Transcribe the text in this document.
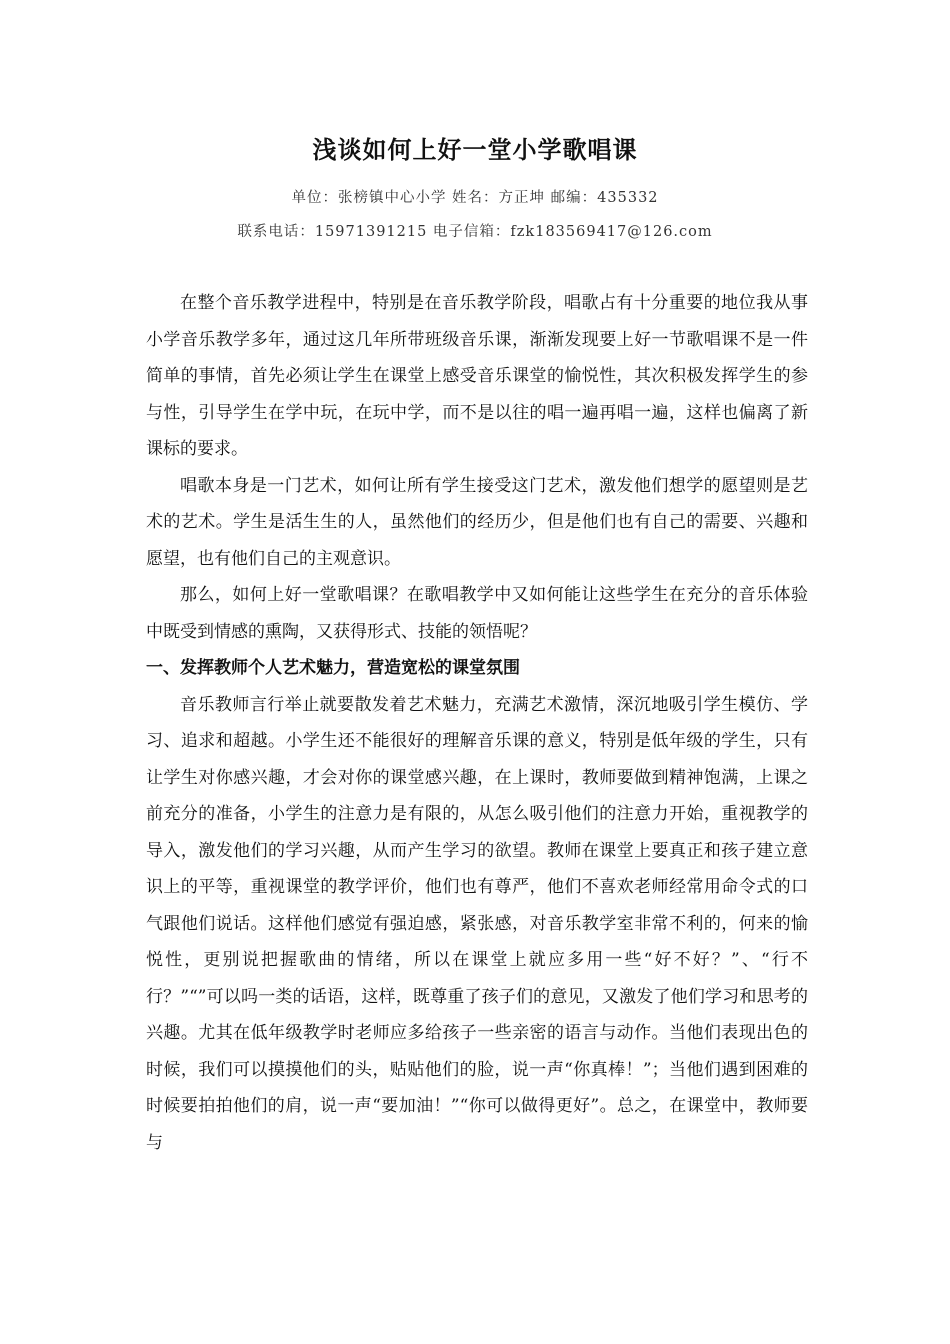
浅谈如何上好一堂小学歌唱课

单位：张榜镇中心小学 姓名：方正坤 邮编：435332

联系电话：15971391215 电子信箱：fzk183569417@126.com

在整个音乐教学进程中，特别是在音乐教学阶段，唱歌占有十分重要的地位我从事小学音乐教学多年，通过这几年所带班级音乐课，渐渐发现要上好一节歌唱课不是一件简单的事情，首先必须让学生在课堂上感受音乐课堂的愉悦性，其次积极发挥学生的参与性，引导学生在学中玩，在玩中学，而不是以往的唱一遍再唱一遍，这样也偏离了新课标的要求。

唱歌本身是一门艺术，如何让所有学生接受这门艺术，激发他们想学的愿望则是艺术的艺术。学生是活生生的人，虽然他们的经历少，但是他们也有自己的需要、兴趣和愿望，也有他们自己的主观意识。

那么，如何上好一堂歌唱课？在歌唱教学中又如何能让这些学生在充分的音乐体验中既受到情感的熏陶，又获得形式、技能的领悟呢？

一、发挥教师个人艺术魅力，营造宽松的课堂氛围

音乐教师言行举止就要散发着艺术魅力，充满艺术激情，深沉地吸引学生模仿、学习、追求和超越。小学生还不能很好的理解音乐课的意义，特别是低年级的学生，只有让学生对你感兴趣，才会对你的课堂感兴趣，在上课时，教师要做到精神饱满，上课之前充分的准备，小学生的注意力是有限的，从怎么吸引他们的注意力开始，重视教学的导入，激发他们的学习兴趣，从而产生学习的欲望。教师在课堂上要真正和孩子建立意识上的平等，重视课堂的教学评价，他们也有尊严，他们不喜欢老师经常用命令式的口气跟他们说话。这样他们感觉有强迫感，紧张感，对音乐教学室非常不利的，何来的愉悦性，更别说把握歌曲的情绪，所以在课堂上就应多用一些“好不好？”、“行不行？”“”可以吗一类的话语，这样，既尊重了孩子们的意见，又激发了他们学习和思考的兴趣。尤其在低年级教学时老师应多给孩子一些亲密的语言与动作。当他们表现出色的时候，我们可以摸摸他们的头，贴贴他们的脸，说一声“你真棒！”；当他们遇到困难的时候要拍拍他们的肩，说一声“要加油！”“你可以做得更好”。总之，在课堂中，教师要与
